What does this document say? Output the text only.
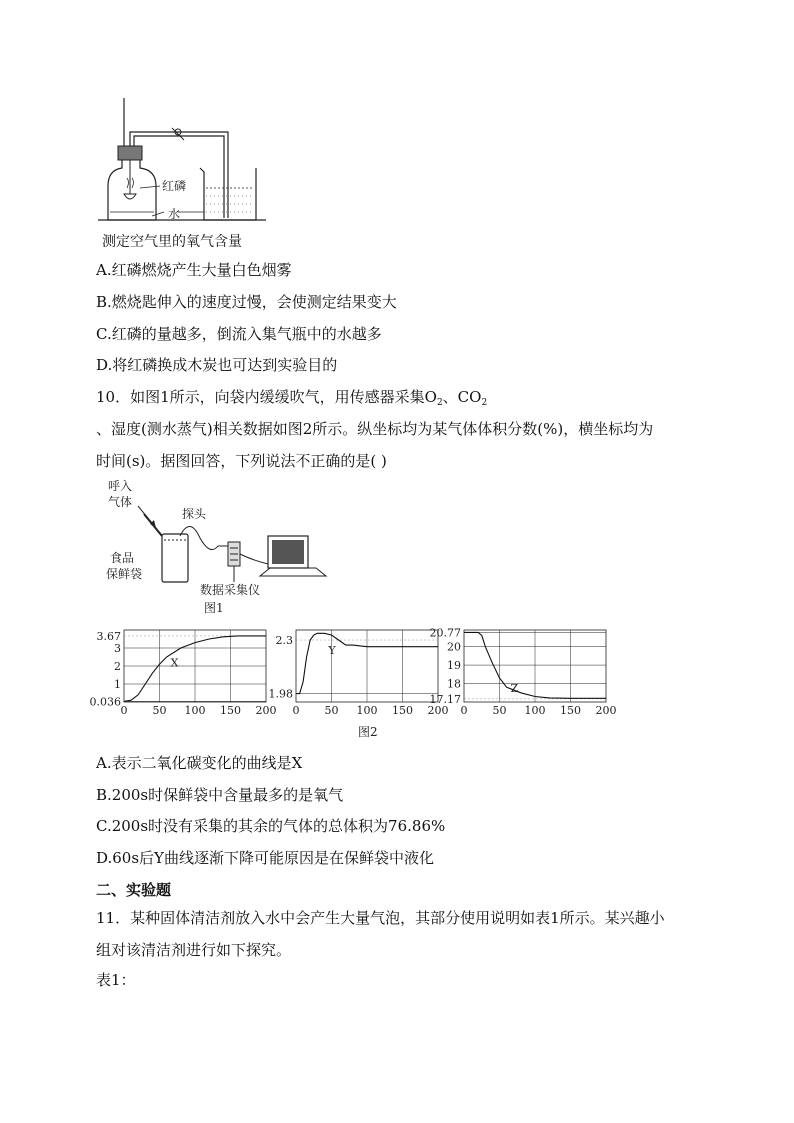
红磷
水
测定空气里的氧气含量
A.红磷燃烧产生大量白色烟雾
B.燃烧匙伸入的速度过慢，会使测定结果变大
C.红磷的量越多，倒流入集气瓶中的水越多
D.将红磷换成木炭也可达到实验目的
10．如图1所示，向袋内缓缓吹气，用传感器采集$O_2$、$CO_2$
、湿度(测水蒸气)相关数据如图2所示。纵坐标均为某气体体积分数(%)，横坐标均为
时间(s)。据图回答，下列说法不正确的是( )
呼入
气体
探头
食品
保鲜袋
数据采集仪
图1
0 50 100 150 200
0.036
1
2
3
3.67
X
0 50 100 150 200
1.98
2.3
Y
0 50 100 150 200
17.17
18
19
20
20.77
Z
图2
A.表示二氧化碳变化的曲线是X
B.200s时保鲜袋中含量最多的是氧气
C.200s时没有采集的其余的气体的总体积为76.86%
D.60s后Y曲线逐渐下降可能原因是在保鲜袋中液化
二、实验题
11．某种固体清洁剂放入水中会产生大量气泡，其部分使用说明如表1所示。某兴趣小
组对该清洁剂进行如下探究。
表1：
